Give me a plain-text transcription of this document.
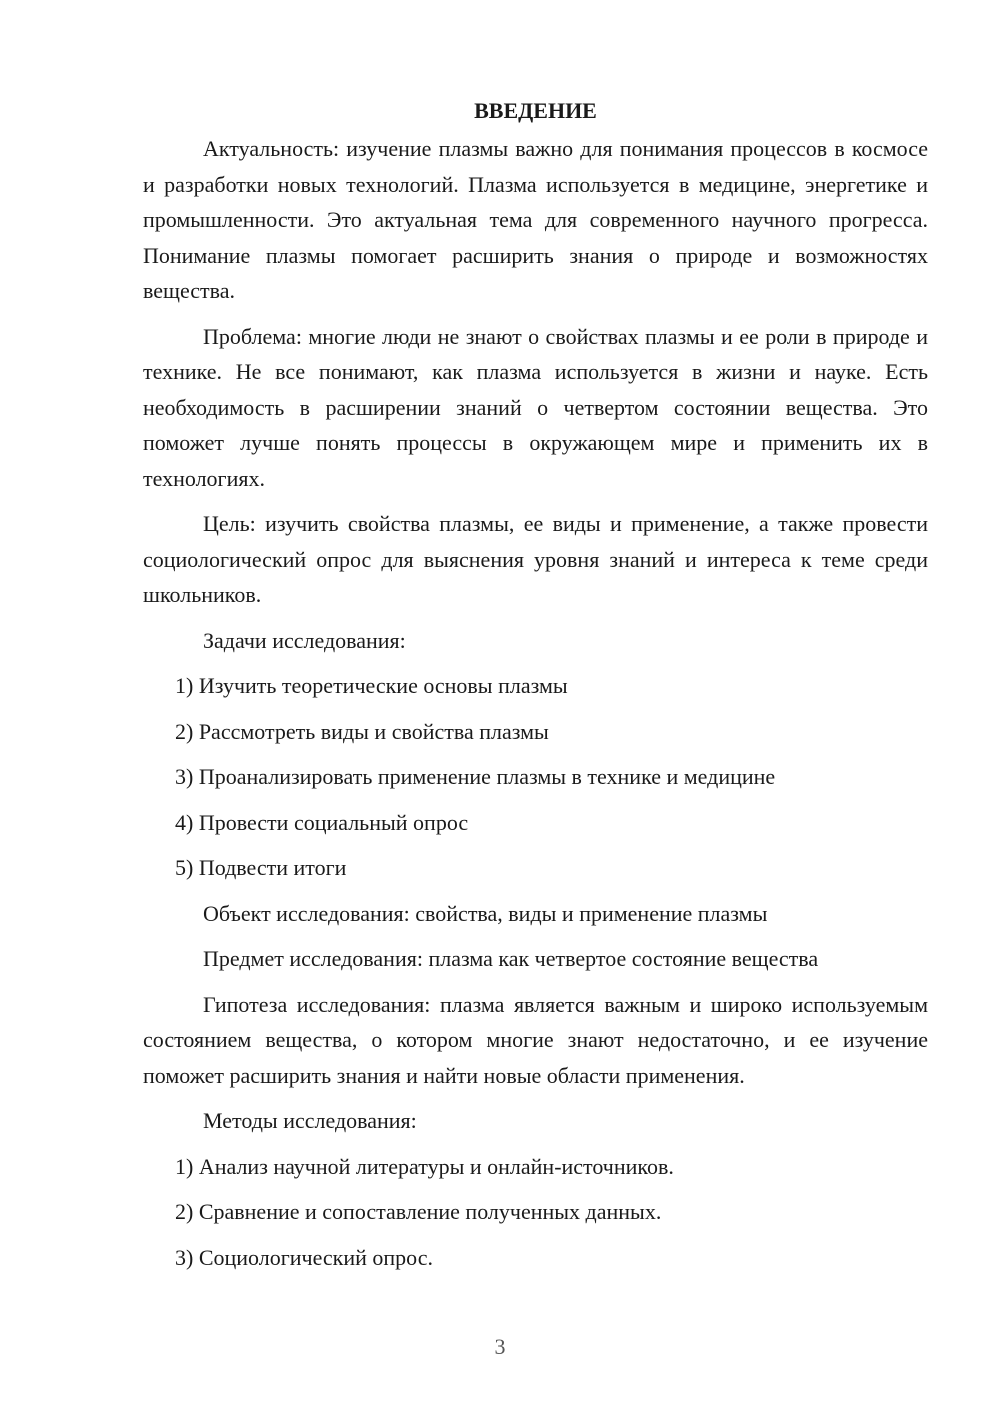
ВВЕДЕНИЕ

Актуальность: изучение плазмы важно для понимания процессов в космосе и разработки новых технологий. Плазма используется в медицине, энергетике и промышленности. Это актуальная тема для современного научного прогресса. Понимание плазмы помогает расширить знания о природе и возможностях вещества.

Проблема: многие люди не знают о свойствах плазмы и ее роли в природе и технике. Не все понимают, как плазма используется в жизни и науке. Есть необходимость в расширении знаний о четвертом состоянии вещества. Это поможет лучше понять процессы в окружающем мире и применить их в технологиях.

Цель: изучить свойства плазмы, ее виды и применение, а также провести социологический опрос для выяснения уровня знаний и интереса к теме среди школьников.

Задачи исследования:
1) Изучить теоретические основы плазмы
2) Рассмотреть виды и свойства плазмы
3) Проанализировать применение плазмы в технике и медицине
4) Провести социальный опрос
5) Подвести итоги
Объект исследования: свойства, виды и применение плазмы
Предмет исследования: плазма как четвертое состояние вещества

Гипотеза исследования: плазма является важным и широко используемым состоянием вещества, о котором многие знают недостаточно, и ее изучение поможет расширить знания и найти новые области применения.

Методы исследования:
1) Анализ научной литературы и онлайн-источников.
2) Сравнение и сопоставление полученных данных.
3) Социологический опрос.
3
